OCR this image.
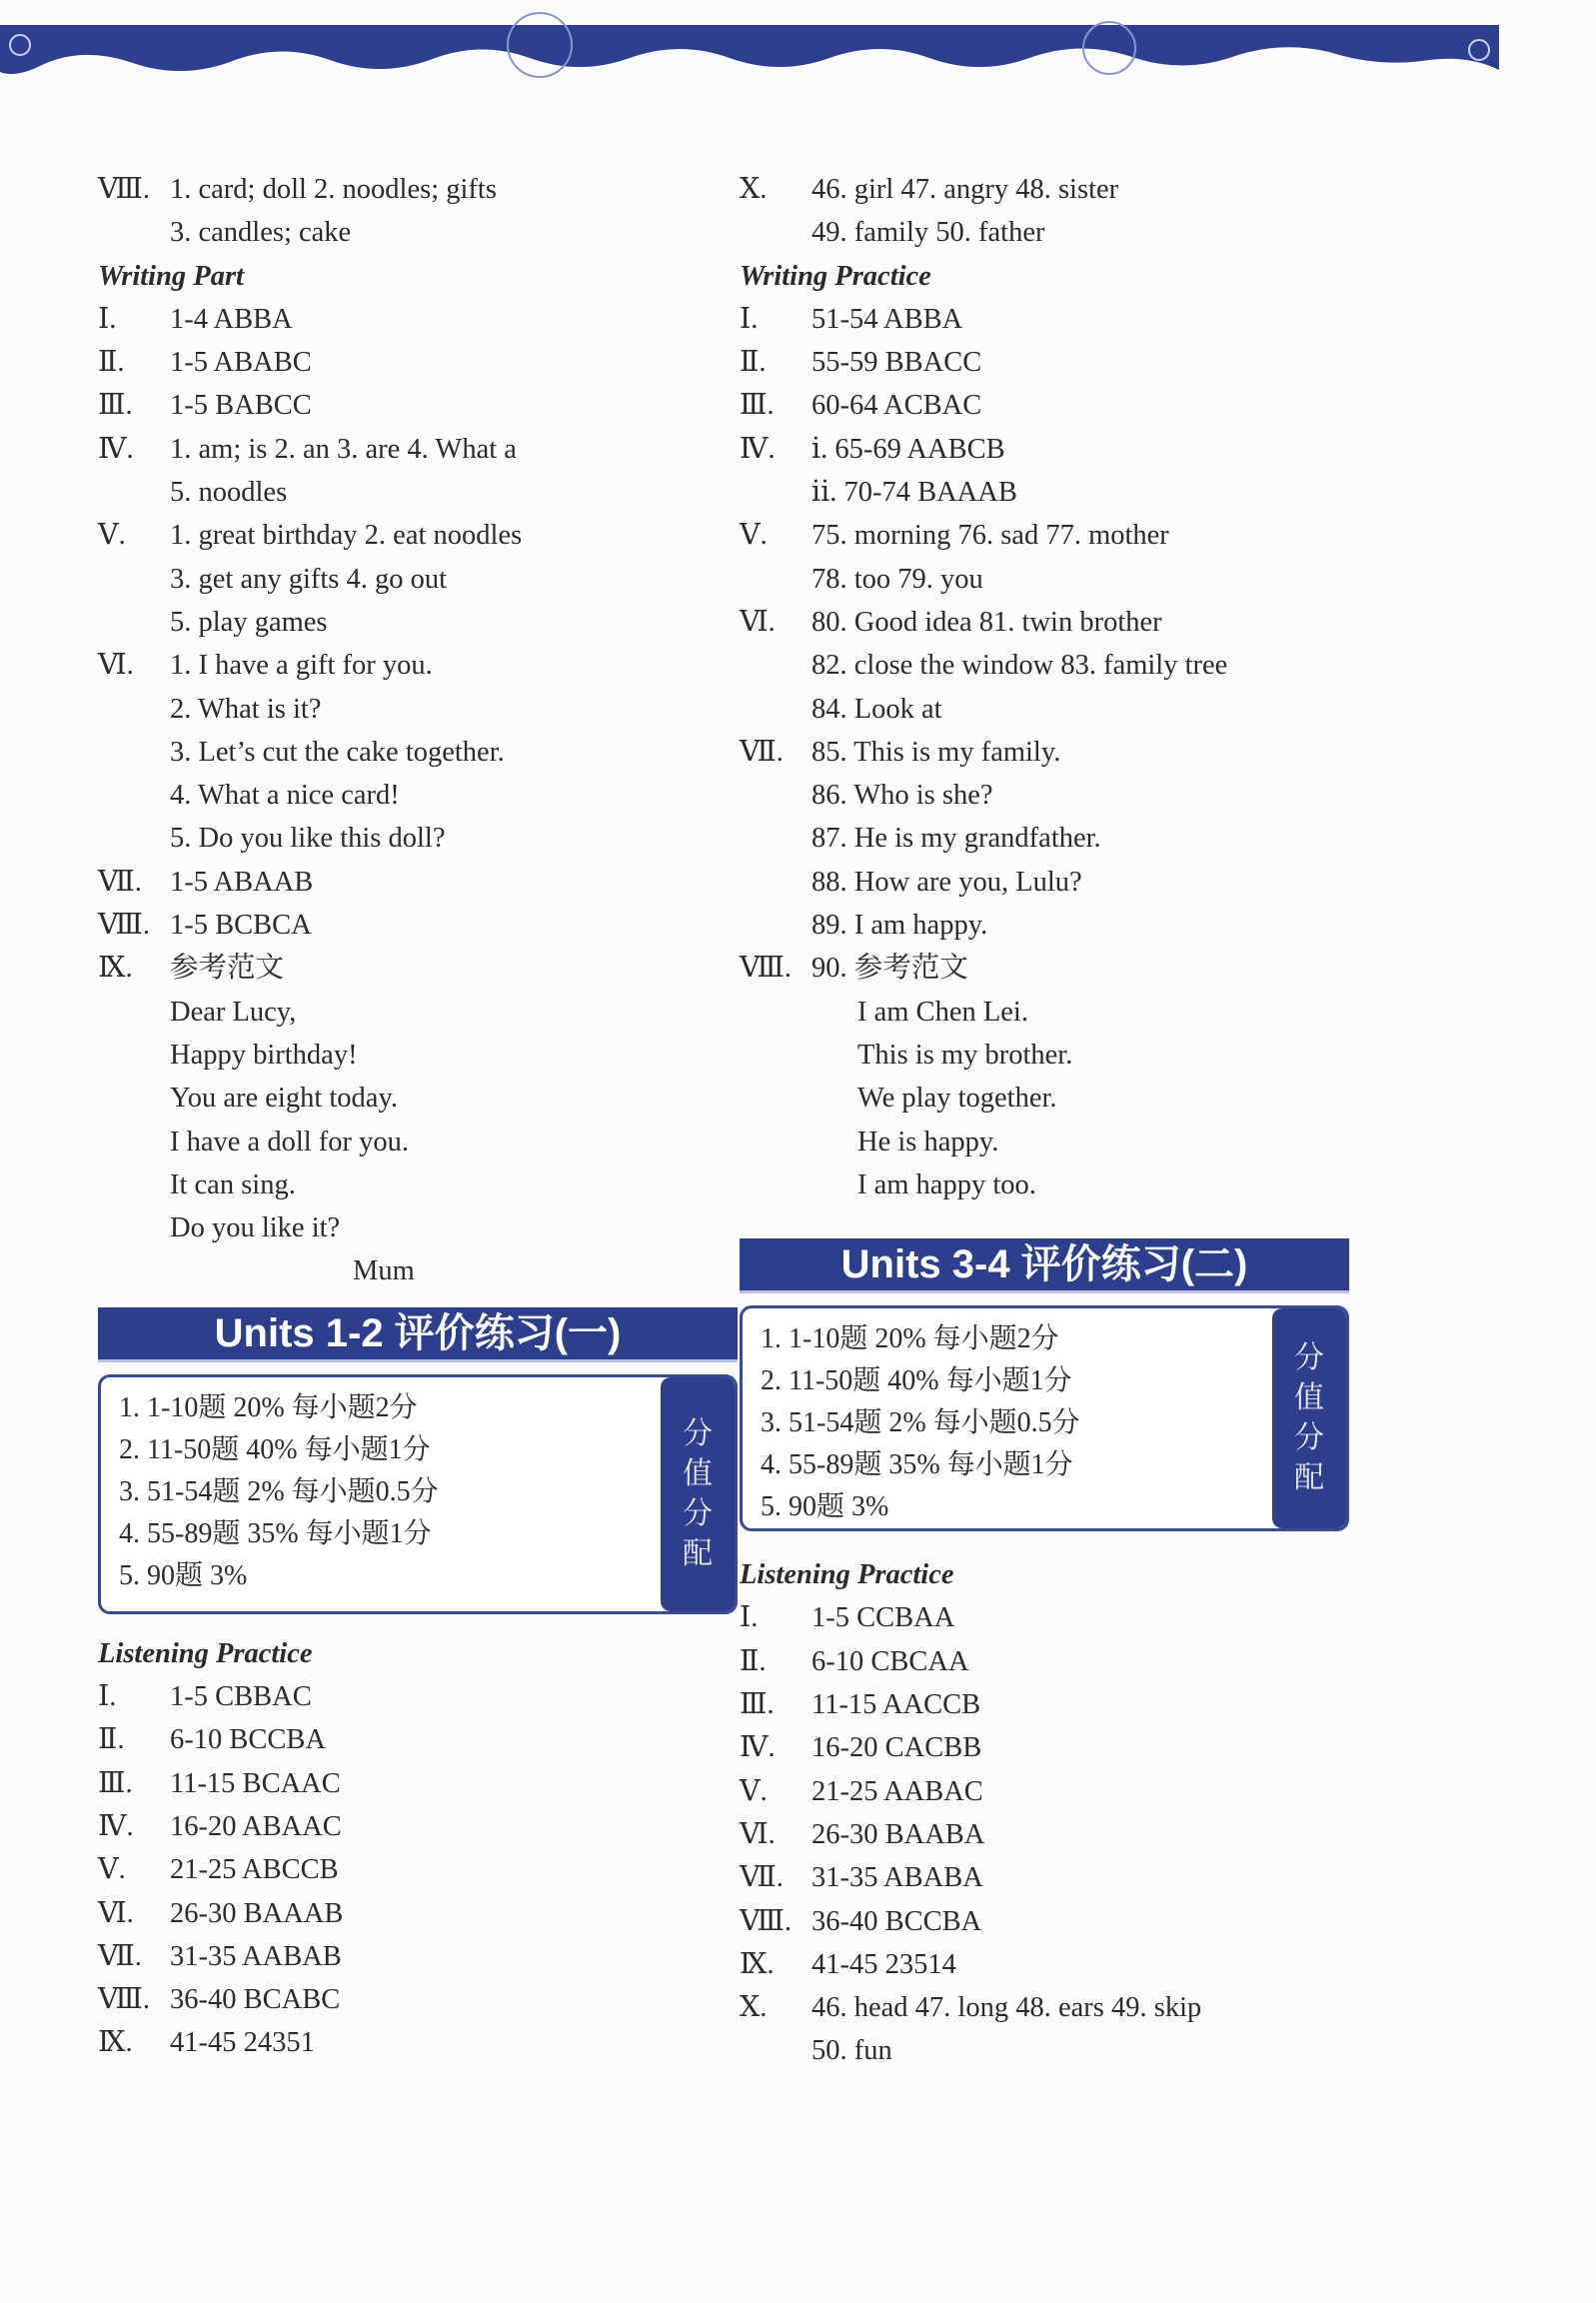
Ⅷ. 1. card; doll 2. noodles; gifts
3. candles; cake
Writing Part
Ⅰ.	1-4 ABBA
Ⅱ.	1-5 ABABC
Ⅲ.	1-5 BABCC
Ⅳ.	1. am; is 2. an 3. are 4. What a
5. noodles
Ⅴ.	1. great birthday 2. eat noodles
3. get any gifts 4. go out
5. play games
Ⅵ.	1. I have a gift for you.
2. What is it?
3. Let’s cut the cake together.
4. What a nice card!
5. Do you like this doll?
Ⅶ. 1-5 ABAAB
Ⅷ. 1-5 BCBCA
Ⅸ.	参考范文
Dear Lucy,
Happy birthday!
You are eight today.
I have a doll for you.
It can sing.
Do you like it?
Mum
Units 1-2 评价练习(一)
1. 1-10题 20% 每小题2分
2. 11-50题 40% 每小题1分
3. 51-54题 2% 每小题0.5分
4. 55-89题 35% 每小题1分
5. 90题 3%
分
值
分
配
Listening Practice
Ⅰ.	1-5 CBBAC
Ⅱ.	6-10 BCCBA
Ⅲ.	11-15 BCAAC
Ⅳ.	16-20 ABAAC
Ⅴ.	21-25 ABCCB
Ⅵ.	26-30 BAAAB
Ⅶ. 31-35 AABAB
Ⅷ. 36-40 BCABC
Ⅸ.	41-45 24351
Ⅹ.	46. girl 47. angry 48. sister
49. family 50. father
Writing Practice
Ⅰ.	51-54 ABBA
Ⅱ.	55-59 BBACC
Ⅲ.	60-64 ACBAC
Ⅳ.	ⅰ. 65-69 AABCB
ⅱ. 70-74 BAAAB
Ⅴ.	75. morning 76. sad 77. mother
78. too 79. you
Ⅵ.	80. Good idea 81. twin brother
82. close the window 83. family tree
84. Look at
Ⅶ. 85. This is my family.
86. Who is she?
87. He is my grandfather.
88. How are you, Lulu?
89. I am happy.
Ⅷ. 90. 参考范文
I am Chen Lei.
This is my brother.
We play together.
He is happy.
I am happy too.
Units 3-4 评价练习(二)
1. 1-10题 20% 每小题2分
2. 11-50题 40% 每小题1分
3. 51-54题 2% 每小题0.5分
4. 55-89题 35% 每小题1分
5. 90题 3%
分
值
分
配
Listening Practice
Ⅰ.	1-5 CCBAA
Ⅱ.	6-10 CBCAA
Ⅲ.	11-15 AACCB
Ⅳ.	16-20 CACBB
Ⅴ.	21-25 AABAC
Ⅵ.	26-30 BAABA
Ⅶ. 31-35 ABABA
Ⅷ. 36-40 BCCBA
Ⅸ.	41-45 23514
Ⅹ.	46. head 47. long 48. ears 49. skip
50. fun
